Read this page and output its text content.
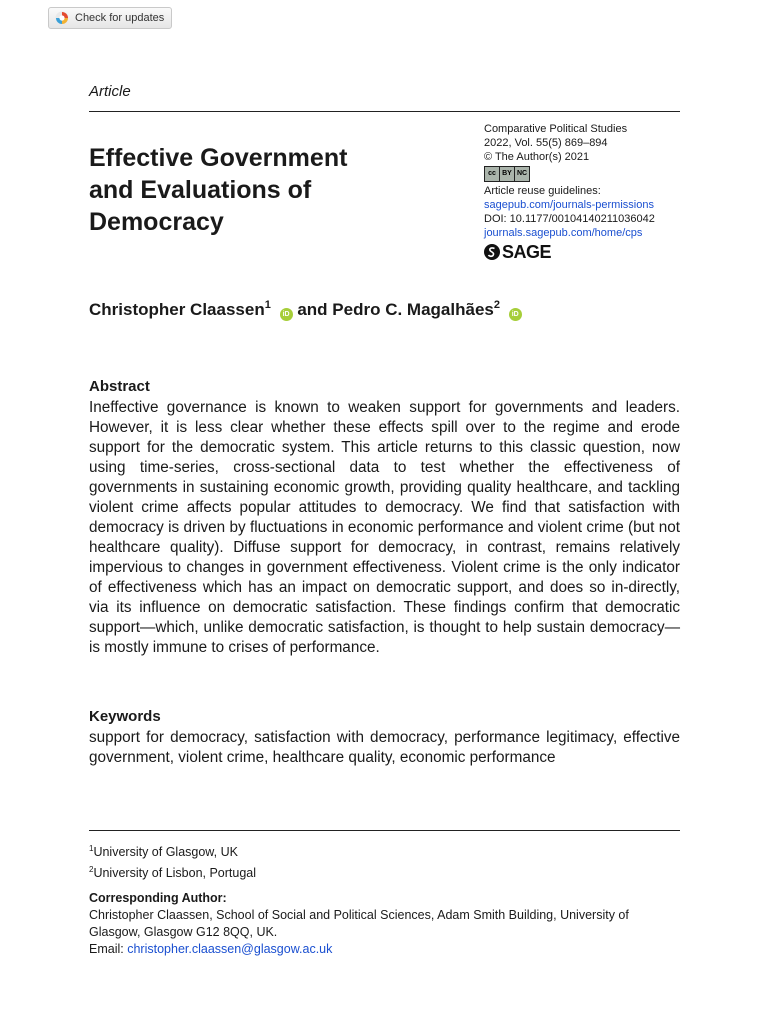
Check for updates
Article
Effective Government
and Evaluations of
Democracy
Comparative Political Studies
2022, Vol. 55(5) 869–894
© The Author(s) 2021
cc BY NC
Article reuse guidelines:
sagepub.com/journals-permissions
DOI: 10.1177/00104140211036042
journals.sagepub.com/home/cps
SAGE
Christopher Claassen$^1$ iD and Pedro C. Magalhães$^2$ iD
Abstract
Ineffective governance is known to weaken support for governments and leaders. However, it is less clear whether these effects spill over to the regime and erode support for the democratic system. This article returns to this classic question, now using time-series, cross-sectional data to test whether the effectiveness of governments in sustaining economic growth, providing quality healthcare, and tackling violent crime affects popular attitudes to democracy. We find that satisfaction with democracy is driven by fluctuations in economic performance and violent crime (but not healthcare quality). Diffuse support for democracy, in contrast, remains relatively impervious to changes in government effectiveness. Violent crime is the only indicator of effectiveness which has an impact on democratic support, and does so in-directly, via its influence on democratic satisfaction. These findings confirm that democratic support—which, unlike democratic satisfaction, is thought to help sustain democracy—is mostly immune to crises of performance.
Keywords
support for democracy, satisfaction with democracy, performance legitimacy, effective government, violent crime, healthcare quality, economic performance
$^1$University of Glasgow, UK
$^2$University of Lisbon, Portugal
Corresponding Author:
Christopher Claassen, School of Social and Political Sciences, Adam Smith Building, University of Glasgow, Glasgow G12 8QQ, UK.
Email: christopher.claassen@glasgow.ac.uk
